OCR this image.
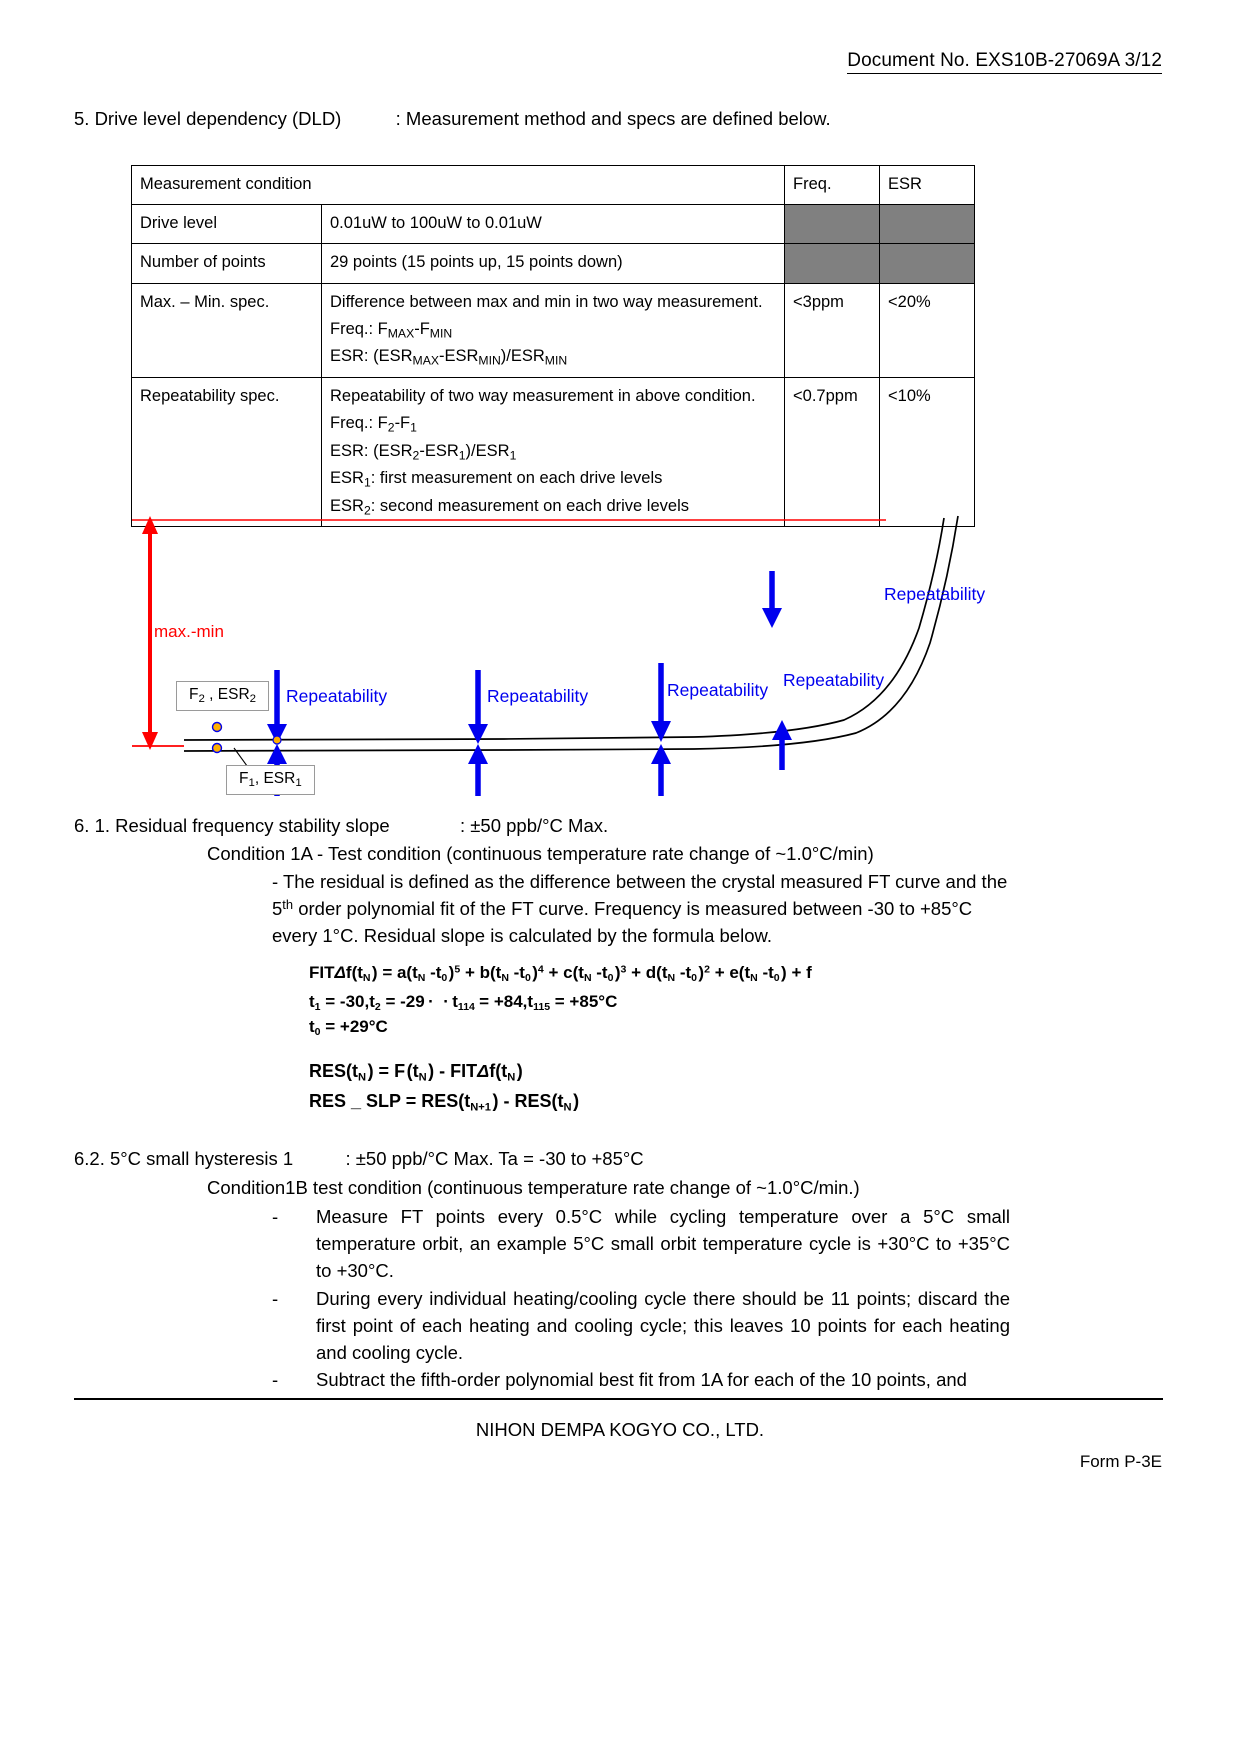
Document No. EXS10B-27069A 3/12
5. Drive level dependency (DLD)	: Measurement method and specs are defined below.
Measurement condition		Freq.	ESR
Drive level	0.01uW to 100uW to 0.01uW		
Number of points	29 points (15 points up, 15 points down)		
Max. – Min. spec.	Difference between max and min in two way measurement.
Freq.: $F_{MAX}-F_{MIN}$
ESR: $(ESR_{MAX}-ESR_{MIN})/ESR_{MIN}$	<3ppm	<20%
Repeatability spec.	Repeatability of two way measurement in above condition.
Freq.: $F_2-F_1$
ESR: $(ESR_2-ESR_1)/ESR_1$
$ESR_1$: first measurement on each drive levels
$ESR_2$: second measurement on each drive levels	<0.7ppm	<10%
max.-min
$F_2$ , $ESR_2$
$F_1$, $ESR_1$
Repeatability	Repeatability	Repeatability Repeatability
Repeatability
6. 1. Residual frequency stability slope	: ±50 ppb/°C Max.
Condition 1A - Test condition (continuous temperature rate change of ~1.0°C/min)
- The residual is defined as the difference between the crystal measured FT curve and the 5th order polynomial fit of the FT curve. Frequency is measured between -30 to +85°C every 1°C. Residual slope is calculated by the formula below.
$FIT\Delta f(t_N$ ) = $a(t_N$ $-t_0$ )$^5 + b(t_N$ $-t_0$ )$^4 + c(t_N$ $-t_0$ )$^3 + d(t_N$ $-t_0$ )$^2 + e(t_N$ $-t_0$ ) + f
$t_1 = -30,t_2 = -29$ ·  · $t_{114}$   = $+84,t_{115} = +85^\circ C$
$t_0 = +29^\circ C$
$RES(t_N$ ) = F ($t_N$ ) - $FIT\Delta f(t_N$ )
RES _ SLP = $RES(t_{N+1}$ ) - $RES(t_N$ )
6.2. 5°C small hysteresis 1	: ±50 ppb/°C Max. Ta = -30 to +85°C
Condition1B test condition (continuous temperature rate change of ~1.0°C/min.)
-	Measure FT points every 0.5°C while cycling temperature over a 5°C small temperature orbit, an example 5°C small orbit temperature cycle is +30°C to +35°C to +30°C.
-	During every individual heating/cooling cycle there should be 11 points; discard the first point of each heating and cooling cycle; this leaves 10 points for each heating and cooling cycle.
-	Subtract the fifth-order polynomial best fit from 1A for each of the 10 points, and
NIHON DEMPA KOGYO CO., LTD.
Form P-3E
